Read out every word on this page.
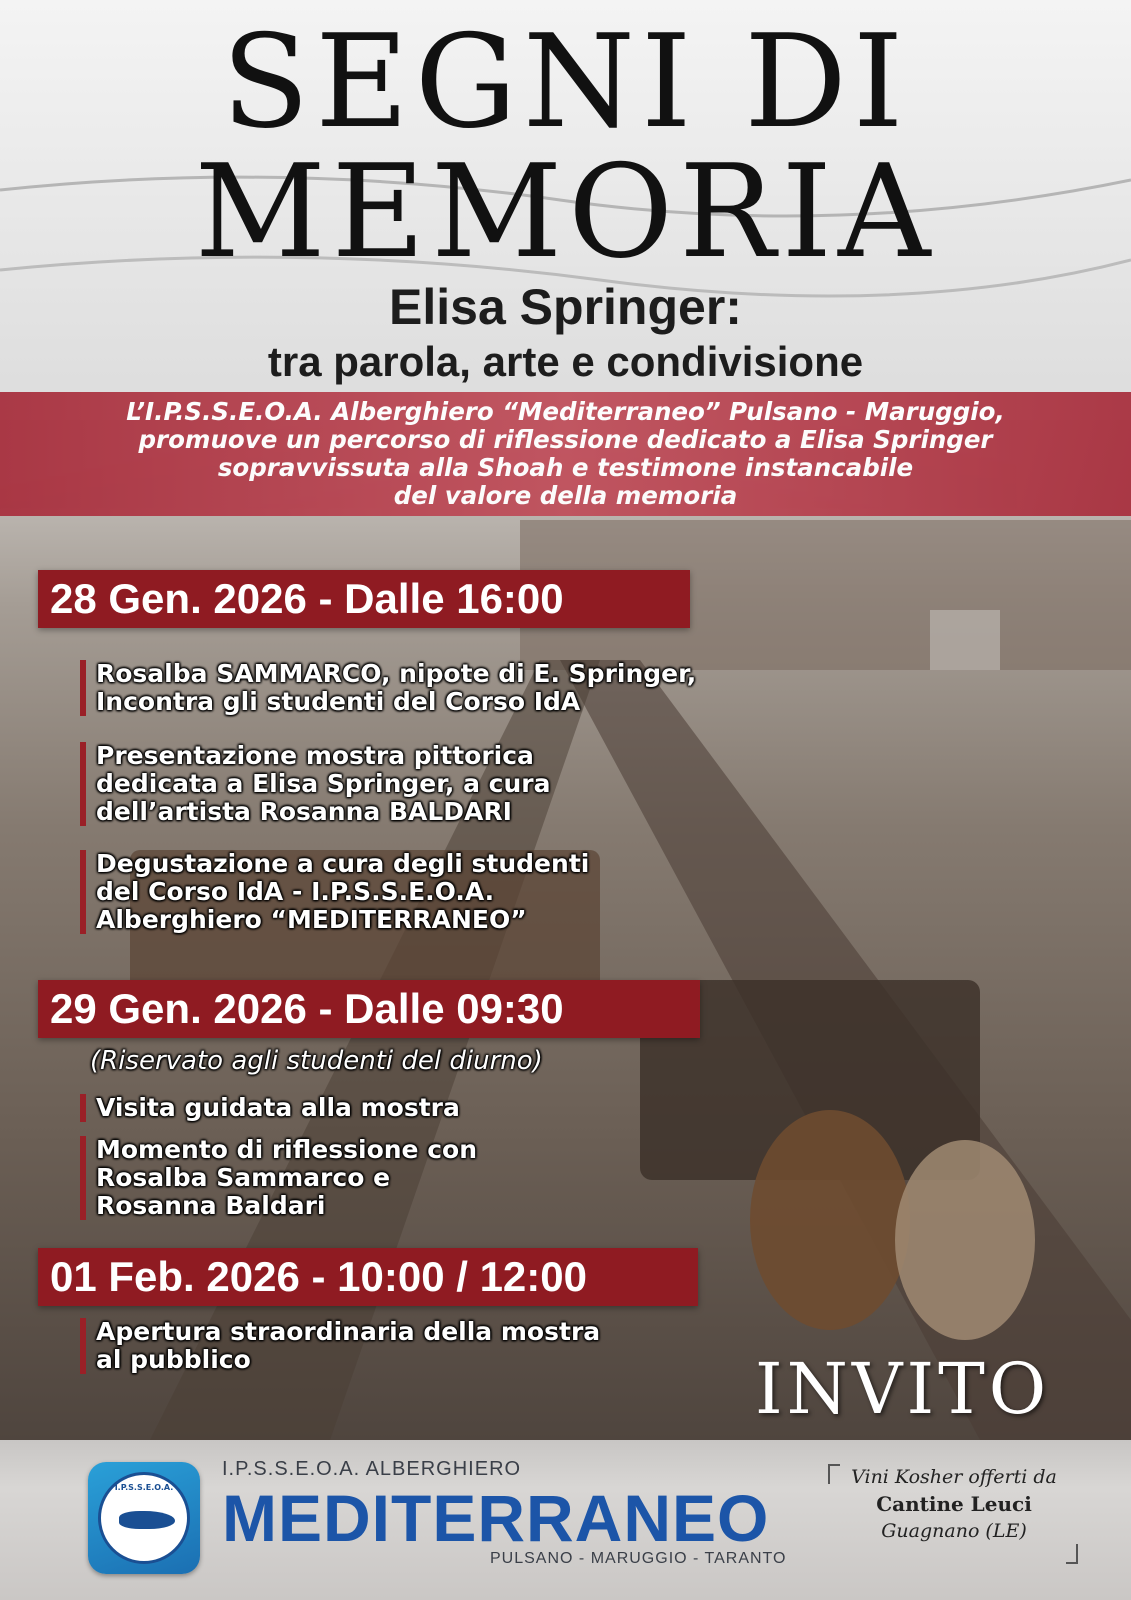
SEGNI DI
MEMORIA
Elisa Springer:
tra parola, arte e condivisione

L’I.P.S.S.E.O.A. Alberghiero “Mediterraneo” Pulsano - Maruggio,
promuove un percorso di riflessione dedicato a Elisa Springer
sopravvissuta alla Shoah e testimone instancabile
del valore della memoria

28 Gen. 2026 - Dalle 16:00
Rosalba SAMMARCO, nipote di E. Springer,
Incontra gli studenti del Corso IdA
Presentazione mostra pittorica
dedicata a Elisa Springer, a cura
dell’artista Rosanna BALDARI
Degustazione a cura degli studenti
del Corso IdA - I.P.S.S.E.O.A.
Alberghiero “MEDITERRANEO”
29 Gen. 2026 - Dalle 09:30
(Riservato agli studenti del diurno)
Visita guidata alla mostra
Momento di riflessione con
Rosalba Sammarco e
Rosanna Baldari
01 Feb. 2026 - 10:00 / 12:00
Apertura straordinaria della mostra
al pubblico	INVITO
I.P.S.S.E.O.A.
I.P.S.S.E.O.A. ALBERGHIERO
MEDITERRANEO
PULSANO - MARUGGIO - TARANTO
Vini Kosher offerti da
Cantine Leuci
Guagnano (LE)
